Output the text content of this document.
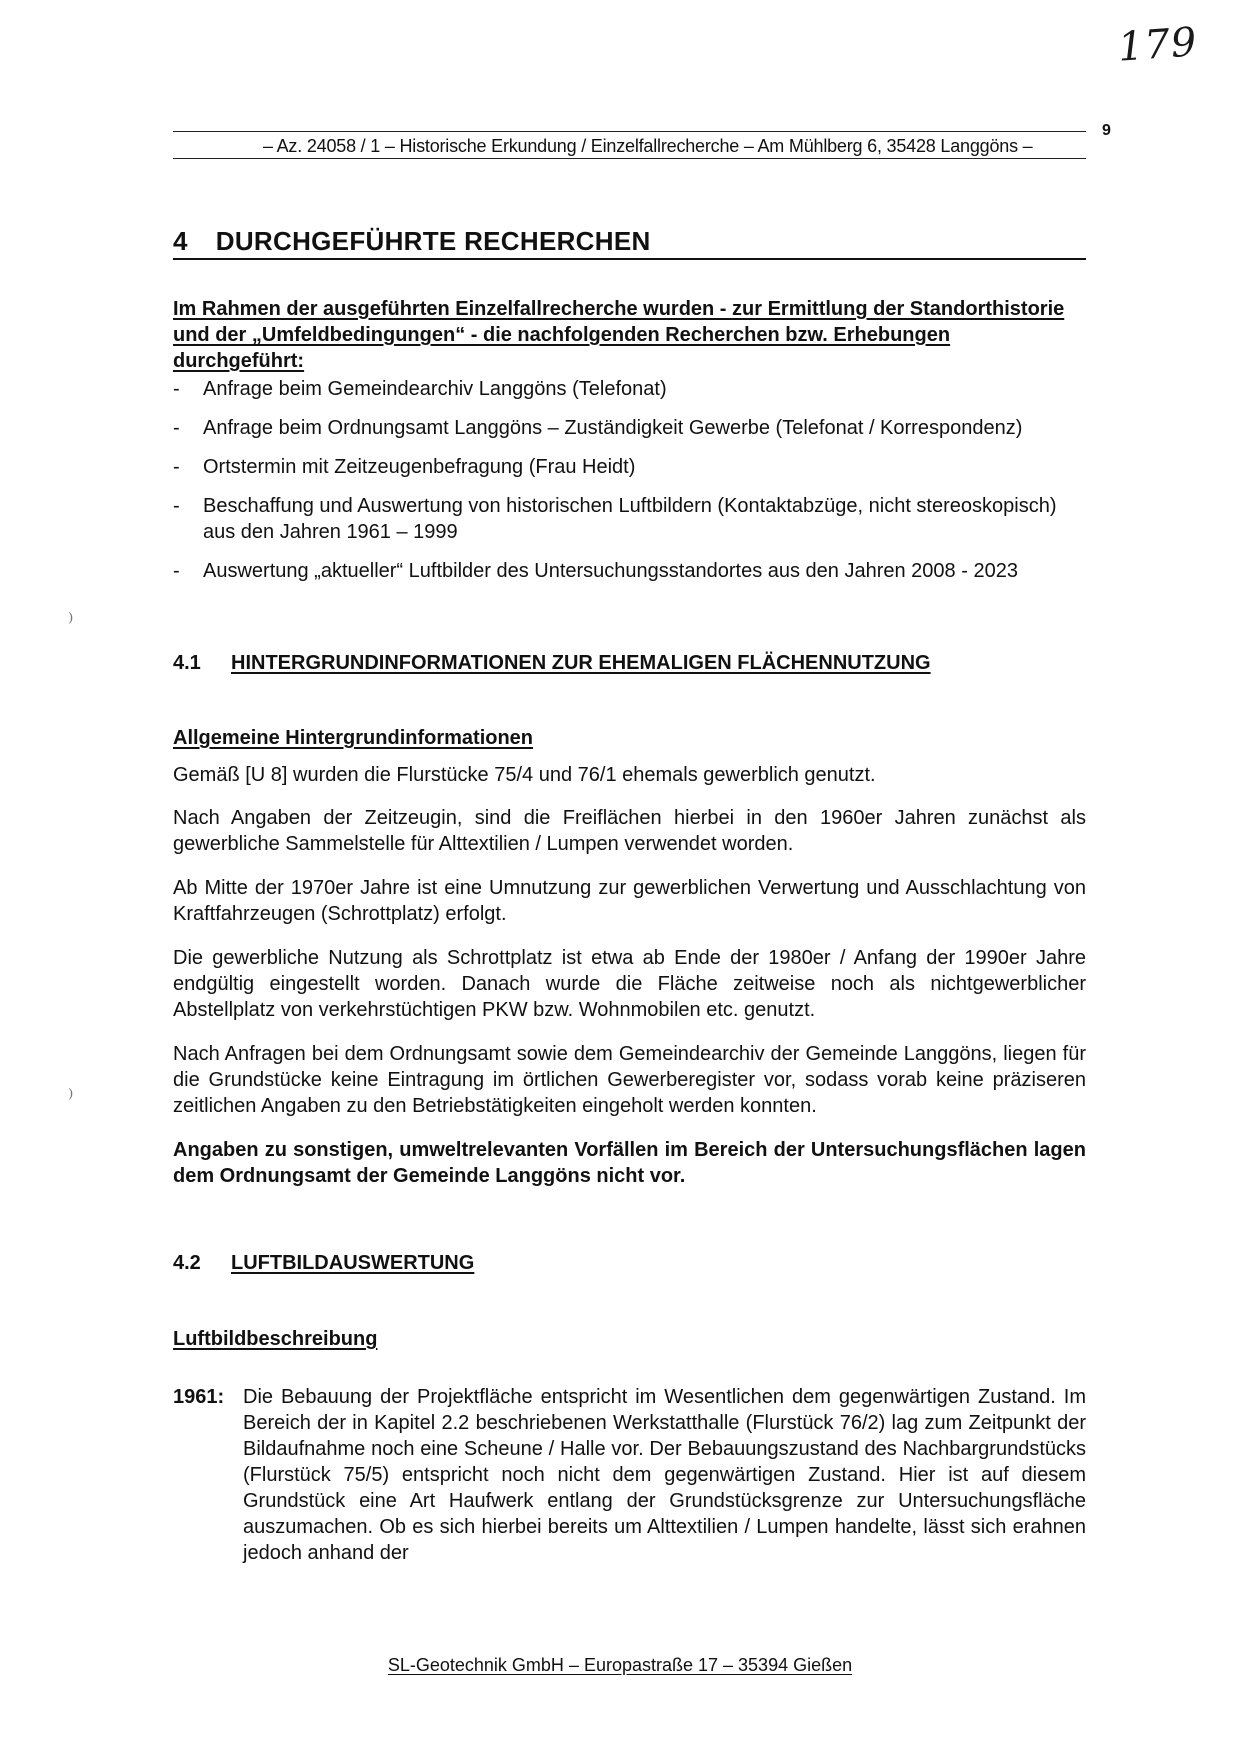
179
– Az. 24058 / 1 – Historische Erkundung / Einzelfallrecherche – Am Mühlberg 6, 35428 Langgöns –
9
4 DURCHGEFÜHRTE RECHERCHEN
Im Rahmen der ausgeführten Einzelfallrecherche wurden - zur Ermittlung der Standorthistorie und der „Umfeldbedingungen“ - die nachfolgenden Recherchen bzw. Erhebungen durchgeführt:
- Anfrage beim Gemeindearchiv Langgöns (Telefonat)
- Anfrage beim Ordnungsamt Langgöns – Zuständigkeit Gewerbe (Telefonat / Korrespondenz)
- Ortstermin mit Zeitzeugenbefragung (Frau Heidt)
- Beschaffung und Auswertung von historischen Luftbildern (Kontaktabzüge, nicht stereoskopisch) aus den Jahren 1961 – 1999
- Auswertung „aktueller“ Luftbilder des Untersuchungsstandortes aus den Jahren 2008 - 2023
⁾
⁾
4.1 HINTERGRUNDINFORMATIONEN ZUR EHEMALIGEN FLÄCHENNUTZUNG
Allgemeine Hintergrundinformationen

Gemäß [U 8] wurden die Flurstücke 75/4 und 76/1 ehemals gewerblich genutzt.

Nach Angaben der Zeitzeugin, sind die Freiflächen hierbei in den 1960er Jahren zunächst als gewerbliche Sammelstelle für Alttextilien / Lumpen verwendet worden.

Ab Mitte der 1970er Jahre ist eine Umnutzung zur gewerblichen Verwertung und Ausschlachtung von Kraftfahrzeugen (Schrottplatz) erfolgt.

Die gewerbliche Nutzung als Schrottplatz ist etwa ab Ende der 1980er / Anfang der 1990er Jahre endgültig eingestellt worden. Danach wurde die Fläche zeitweise noch als nichtgewerblicher Abstellplatz von verkehrstüchtigen PKW bzw. Wohnmobilen etc. genutzt.

Nach Anfragen bei dem Ordnungsamt sowie dem Gemeindearchiv der Gemeinde Langgöns, liegen für die Grundstücke keine Eintragung im örtlichen Gewerberegister vor, sodass vorab keine präziseren zeitlichen Angaben zu den Betriebstätigkeiten eingeholt werden konnten.

Angaben zu sonstigen, umweltrelevanten Vorfällen im Bereich der Untersuchungsflächen lagen dem Ordnungsamt der Gemeinde Langgöns nicht vor.

4.2 LUFTBILDAUSWERTUNG
Luftbildbeschreibung
1961: Die Bebauung der Projektfläche entspricht im Wesentlichen dem gegenwärtigen Zustand. Im Bereich der in Kapitel 2.2 beschriebenen Werkstatthalle (Flurstück 76/2) lag zum Zeitpunkt der Bildaufnahme noch eine Scheune / Halle vor. Der Bebauungszustand des Nachbargrundstücks (Flurstück 75/5) entspricht noch nicht dem gegenwärtigen Zustand. Hier ist auf diesem Grundstück eine Art Haufwerk entlang der Grundstücksgrenze zur Untersuchungsfläche auszumachen. Ob es sich hierbei bereits um Alttextilien / Lumpen handelte, lässt sich erahnen jedoch anhand der
SL-Geotechnik GmbH – Europastraße 17 – 35394 Gießen
